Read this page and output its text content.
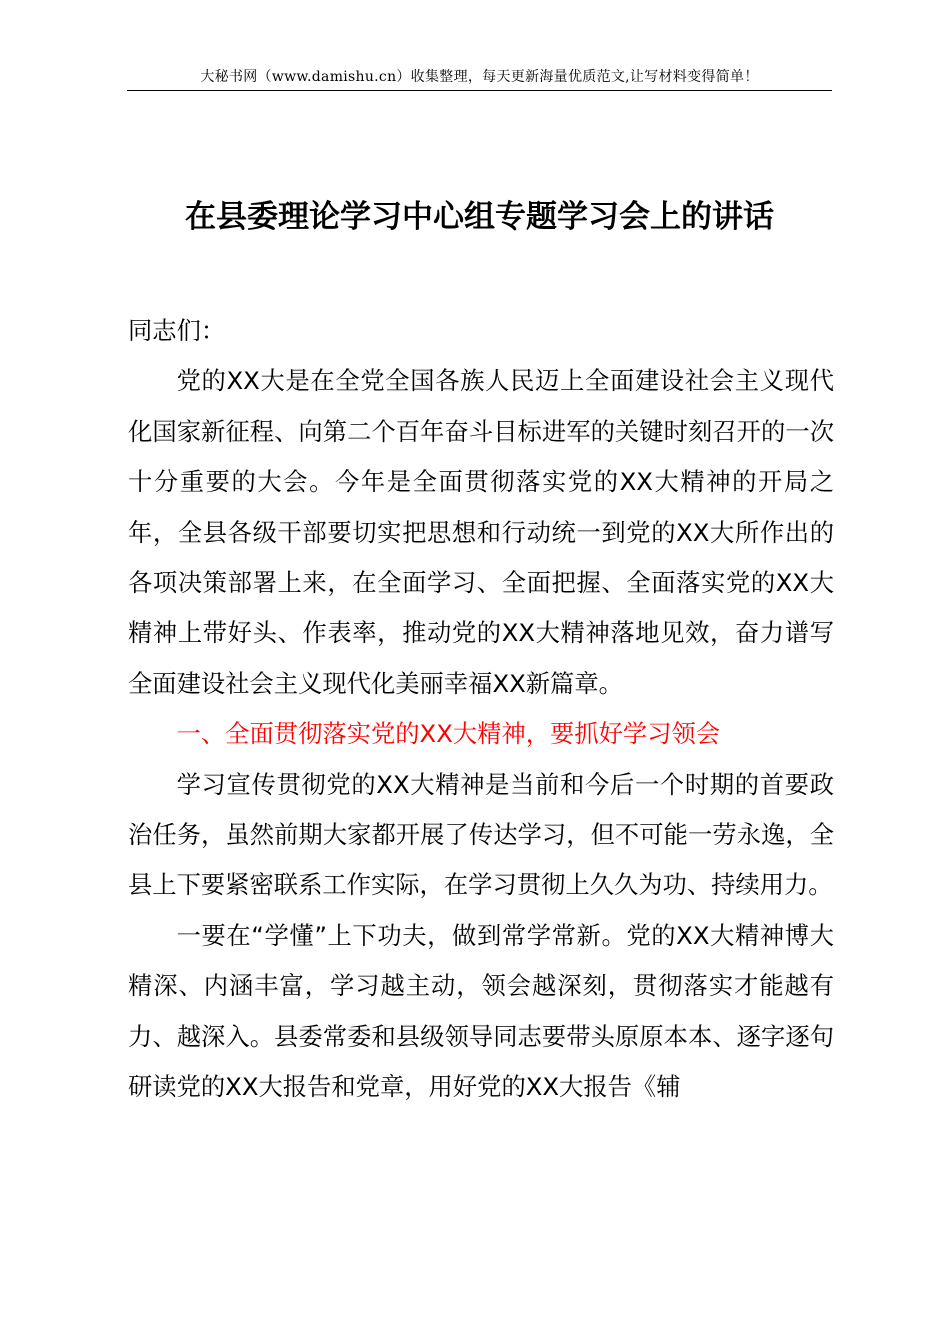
大秘书网（www.damishu.cn）收集整理，每天更新海量优质范文,让写材料变得简单！
在县委理论学习中心组专题学习会上的讲话

同志们：

党的XX大是在全党全国各族人民迈上全面建设社会主义现代化国家新征程、向第二个百年奋斗目标进军的关键时刻召开的一次十分重要的大会。今年是全面贯彻落实党的XX大精神的开局之年，全县各级干部要切实把思想和行动统一到党的XX大所作出的各项决策部署上来，在全面学习、全面把握、全面落实党的XX大精神上带好头、作表率，推动党的XX大精神落地见效，奋力谱写全面建设社会主义现代化美丽幸福XX新篇章。

一、全面贯彻落实党的XX大精神，要抓好学习领会

学习宣传贯彻党的XX大精神是当前和今后一个时期的首要政治任务，虽然前期大家都开展了传达学习，但不可能一劳永逸，全县上下要紧密联系工作实际，在学习贯彻上久久为功、持续用力。

一要在“学懂”上下功夫，做到常学常新。党的XX大精神博大精深、内涵丰富，学习越主动，领会越深刻，贯彻落实才能越有力、越深入。县委常委和县级领导同志要带头原原本本、逐字逐句研读党的XX大报告和党章，用好党的XX大报告《辅
